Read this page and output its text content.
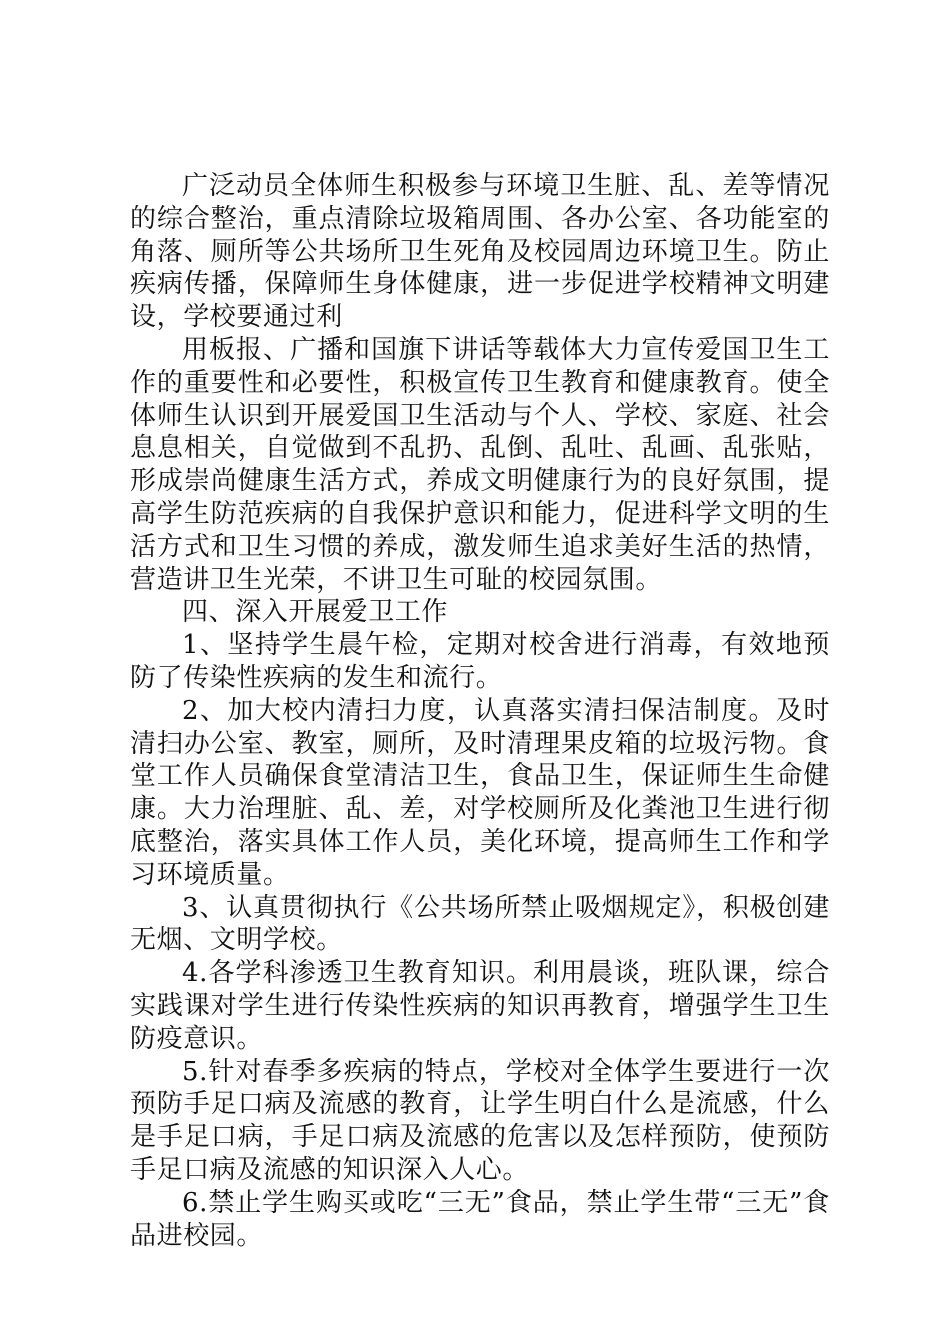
广泛动员全体师生积极参与环境卫生脏、乱、差等情况的综合整治，重点清除垃圾箱周围、各办公室、各功能室的角落、厕所等公共场所卫生死角及校园周边环境卫生。防止疾病传播，保障师生身体健康，进一步促进学校精神文明建设，学校要通过利

用板报、广播和国旗下讲话等载体大力宣传爱国卫生工作的重要性和必要性，积极宣传卫生教育和健康教育。使全体师生认识到开展爱国卫生活动与个人、学校、家庭、社会息息相关，自觉做到不乱扔、乱倒、乱吐、乱画、乱张贴，形成崇尚健康生活方式，养成文明健康行为的良好氛围，提高学生防范疾病的自我保护意识和能力，促进科学文明的生活方式和卫生习惯的养成，激发师生追求美好生活的热情，营造讲卫生光荣，不讲卫生可耻的校园氛围。

四、深入开展爱卫工作

1、坚持学生晨午检，定期对校舍进行消毒，有效地预防了传染性疾病的发生和流行。

2、加大校内清扫力度，认真落实清扫保洁制度。及时清扫办公室、教室，厕所，及时清理果皮箱的垃圾污物。食堂工作人员确保食堂清洁卫生，食品卫生，保证师生生命健康。大力治理脏、乱、差，对学校厕所及化粪池卫生进行彻底整治，落实具体工作人员，美化环境，提高师生工作和学习环境质量。

3、认真贯彻执行《公共场所禁止吸烟规定》，积极创建无烟、文明学校。

4.各学科渗透卫生教育知识。利用晨谈，班队课，综合实践课对学生进行传染性疾病的知识再教育，增强学生卫生防疫意识。

5.针对春季多疾病的特点，学校对全体学生要进行一次预防手足口病及流感的教育，让学生明白什么是流感，什么是手足口病，手足口病及流感的危害以及怎样预防，使预防手足口病及流感的知识深入人心。

6.禁止学生购买或吃“三无”食品，禁止学生带“三无”食品进校园。
